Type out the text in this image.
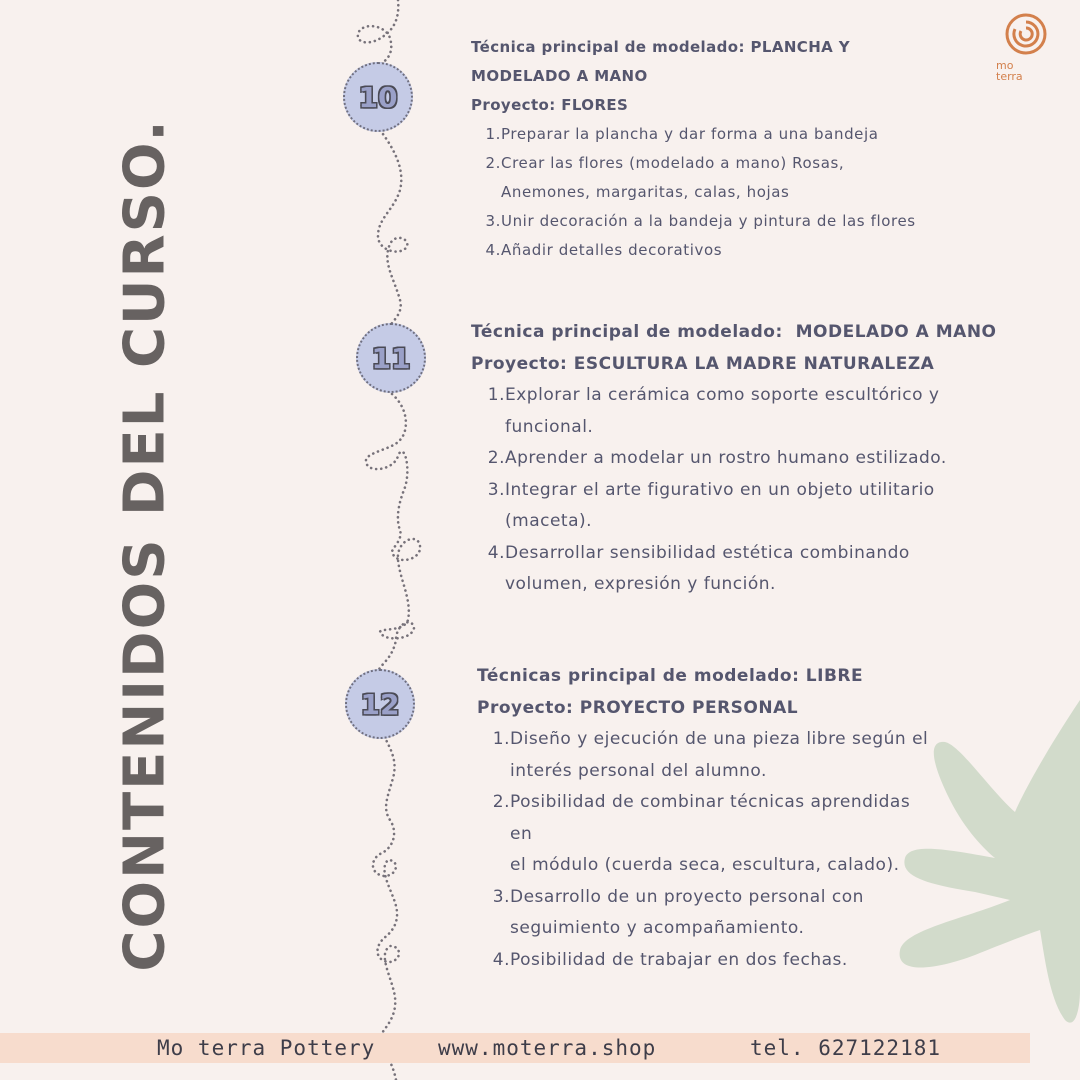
CONTENIDOS DEL CURSO.
10
11
12

Técnica principal de modelado: PLANCHA Y

MODELADO A MANO

Proyecto: FLORES

1. Preparar la plancha y dar forma a una bandeja
2. Crear las flores (modelado a mano) Rosas,
Anemones, margaritas, calas, hojas
3. Unir decoración a la bandeja y pintura de las flores
4. Añadir detalles decorativos

Técnica principal de modelado:  MODELADO A MANO

Proyecto: ESCULTURA LA MADRE NATURALEZA

1. Explorar la cerámica como soporte escultórico y
funcional.
2. Aprender a modelar un rostro humano estilizado.
3. Integrar el arte figurativo en un objeto utilitario
(maceta).
4. Desarrollar sensibilidad estética combinando
volumen, expresión y función.

Técnicas principal de modelado: LIBRE

Proyecto: PROYECTO PERSONAL

1. Diseño y ejecución de una pieza libre según el
interés personal del alumno.
2. Posibilidad de combinar técnicas aprendidas en
el módulo (cuerda seca, escultura, calado).
3. Desarrollo de un proyecto personal con
seguimiento y acompañamiento.
4. Posibilidad de trabajar en dos fechas.
mo
terra
Mo terra Pottery	www.moterra.shop	tel. 627122181
